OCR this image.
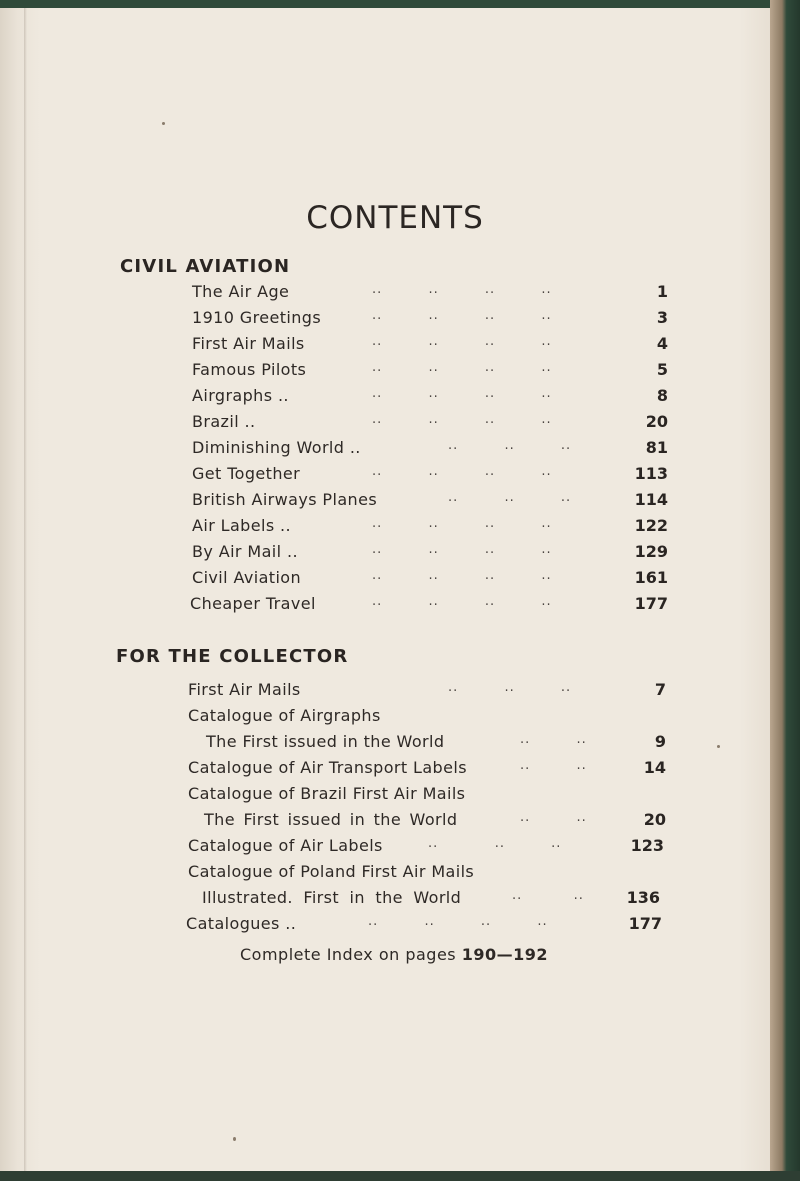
CONTENTS
CIVIL AVIATION
The Air Age	..         ..         ..         ..	1
1910 Greetings	..         ..         ..         ..	3
First Air Mails	..         ..         ..         ..	4
Famous Pilots	..         ..         ..         ..	5
Airgraphs ..	..         ..         ..         ..	8
Brazil ..	..         ..         ..         ..	20
Diminishing World ..	..         ..         ..	81
Get Together	..         ..         ..         ..	113
British Airways Planes	..         ..         ..	114
Air Labels ..	..         ..         ..         ..	122
By Air Mail ..	..         ..         ..         ..	129
Civil Aviation	..         ..         ..         ..	161
Cheaper Travel	..         ..         ..         ..	177
FOR THE COLLECTOR
First Air Mails	..         ..         ..	7
Catalogue of Airgraphs
The First issued in the World	..         ..	9
Catalogue of Air Transport Labels	..         ..	14
Catalogue of Brazil First Air Mails
The First issued in the World	..         ..	20
Catalogue of Air Labels	..           ..         ..	123
Catalogue of Poland First Air Mails
Illustrated. First in the World	..          ..	136
Catalogues ..	..         ..         ..         ..	177
Complete Index on pages 190—192
